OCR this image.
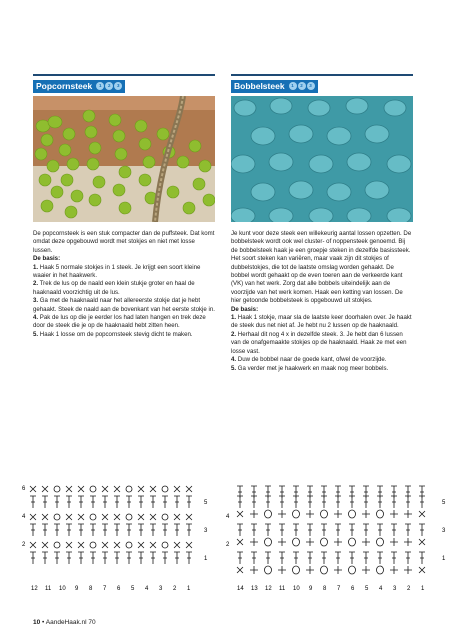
Popcornsteek	1	2	3

De popcornsteek is een stuk compacter dan de puffsteek. Dat komt omdat deze opgebouwd wordt met stokjes en niet met losse lussen.

De basis:

1. Haak 5 normale stokjes in 1 steek. Je krijgt een soort kleine waaier in het haakwerk.

2. Trek de lus op de naald een klein stukje groter en haal de haaknaald voorzichtig uit de lus.

3. Ga met de haaknaald naar het allereerste stokje dat je hebt gehaakt. Steek de naald aan de bovenkant van het eerste stokje in.

4. Pak de lus op die je eerder los had laten hangen en trek deze door de steek die je op de haaknaald hebt zitten heen.

5. Haak 1 losse om de popcornsteek stevig dicht te maken.

Bobbelsteek	1	2	3

Je kunt voor deze steek een willekeurig aantal lossen opzetten. De bobbelsteek wordt ook wel cluster- of noppensteek genoemd. Bij de bobbelsteek haak je een groepje steken in dezelfde basissteek. Het soort steken kan variëren, maar vaak zijn dit stokjes of dubbelstokjes, die tot de laatste omslag worden gehaakt. De bobbel wordt gehaakt op de even toeren aan de verkeerde kant (VK) van het werk. Zorg dat alle bobbels uiteindelijk aan de voorzijde van het werk komen. Haak een ketting van lossen. De hier getoonde bobbelsteek is opgebouwd uit stokjes.

De basis:

1. Haak 1 stokje, maar sla de laatste keer doorhalen over. Je haakt de steek dus net niet af. Je hebt nu 2 lussen op de haaknaald.

2. Herhaal dit nog 4 x in dezelfde steek. 3. Je hebt dan 6 lussen van de onafgemaakte stokjes op de haaknaald. Haak ze met een losse vast.

4. Duw de bobbel naar de goede kant, ofwel de voorzijde.

5. Ga verder met je haakwerk en maak nog meer bobbels.

6
4
2
5
3
1
12 11 10 9 8 7 6 5 4 3 2 1
4
2
5
3
1
14 13 12 11 10 9 8 7 6 5 4 3 2 1
10 • AandeHaak.nl 70
